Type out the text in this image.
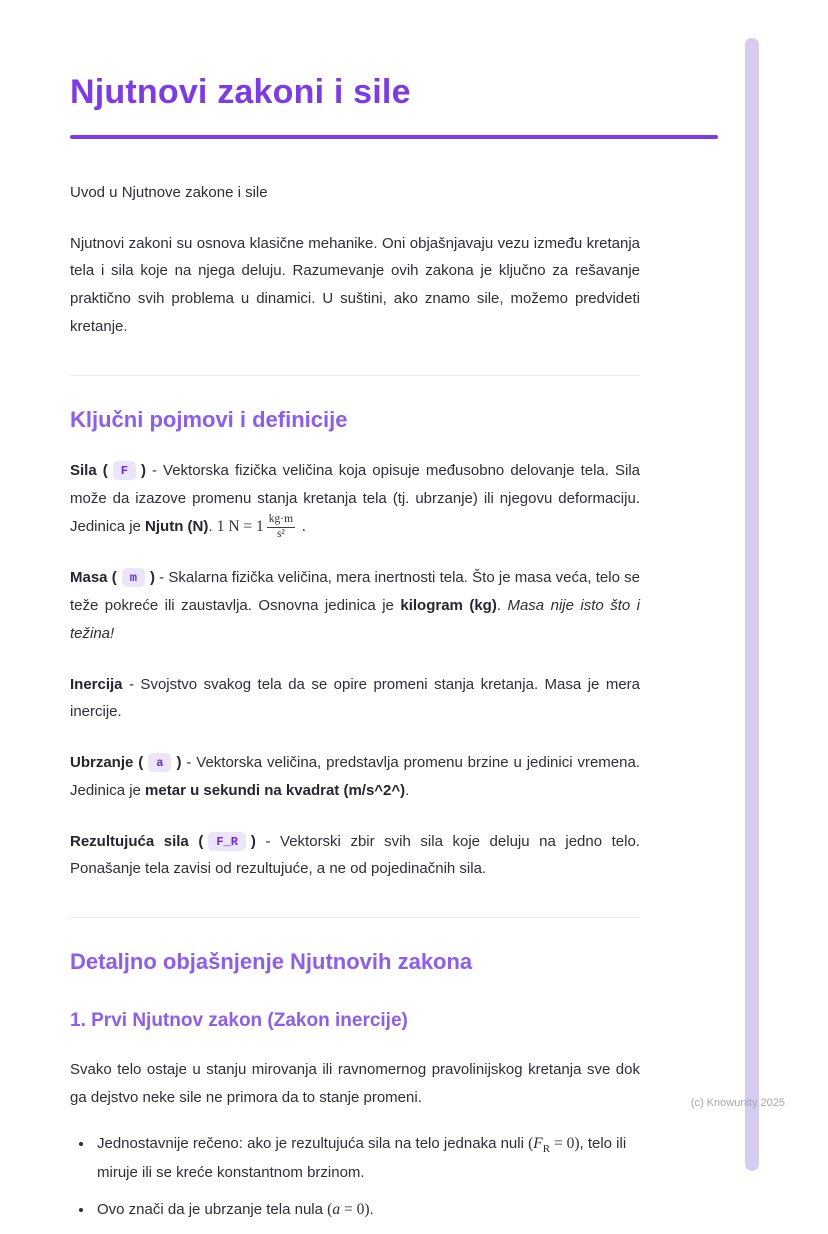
Njutnovi zakoni i sile

Uvod u Njutnove zakone i sile

Njutnovi zakoni su osnova klasične mehanike. Oni objašnjavaju vezu između kretanja tela i sila koje na njega deluju. Razumevanje ovih zakona je ključno za rešavanje praktično svih problema u dinamici. U suštini, ako znamo sile, možemo predvideti kretanje.

Ključni pojmovi i definicije

Sila ( F ) - Vektorska fizička veličina koja opisuje međusobno delovanje tela. Sila može da izazove promenu stanja kretanja tela (tj. ubrzanje) ili njegovu deformaciju. Jedinica je Njutn (N). 1 $N = 1 \frac{kg\cdot m}{\text{s²}}$ .

Masa ( m ) - Skalarna fizička veličina, mera inertnosti tela. Što je masa veća, telo se teže pokreće ili zaustavlja. Osnovna jedinica je kilogram (kg). Masa nije isto što i težina!

Inercija - Svojstvo svakog tela da se opire promeni stanja kretanja. Masa je mera inercije.

Ubrzanje ( a ) - Vektorska veličina, predstavlja promenu brzine u jedinici vremena. Jedinica je metar u sekundi na kvadrat (m/s^2^).

Rezultujuća sila ( F_R ) - Vektorski zbir svih sila koje deluju na jedno telo. Ponašanje tela zavisi od rezultujuće, a ne od pojedinačnih sila.

Detaljno objašnjenje Njutnovih zakona
1. Prvi Njutnov zakon (Zakon inercije)

Svako telo ostaje u stanju mirovanja ili ravnomernog pravolinijskog kretanja sve dok ga dejstvo neke sile ne primora da to stanje promeni.

• Jednostavnije rečeno: ako je rezultujuća sila na telo jednaka nuli $(F_R = 0)$, telo ili miruje ili se kreće konstantnom brzinom.
• Ovo znači da je ubrzanje tela nula (a = 0).
(c) Knowunity 2025
